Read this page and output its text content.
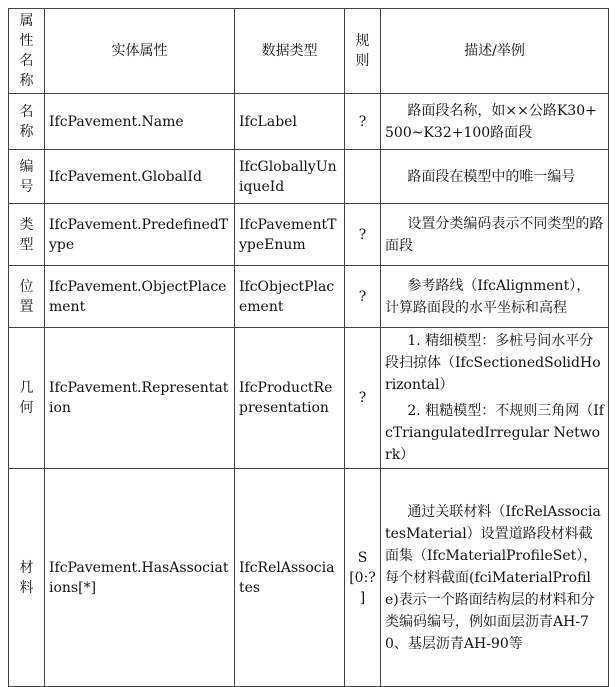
属性名称	实体属性	数据类型	规则	描述/举例
名称	IfcPavement.Name	IfcLabel	?	路面段名称，如××公路K30+500~K32+100路面段

编号	IfcPavement.GlobalId	IfcGloballyUniqueId		路面段在模型中的唯一编号

类型	IfcPavement.PredefinedType	IfcPavementTypeEnum	?	设置分类编码表示不同类型的路面段

位置	IfcPavement.ObjectPlacement	IfcObjectPlacement	?	参考路线（IfcAlignment），计算路面段的水平坐标和高程

几何	IfcPavement.Representation	IfcProductRepresentation	?	1. 精细模型：多桩号间水平分段扫掠体（IfcSectionedSolidHorizontal）
2. 粗糙模型：不规则三角网（IfcTriangulatedIrregular Network）

材料	IfcPavement.HasAssociations[*]	IfcRelAssociates	S[0:?]	通过关联材料（IfcRelAssociatesMaterial）设置道路段材料截面集（IfcMaterialProfileSet），每个材料截面(fciMaterialProfile)表示一个路面结构层的材料和分类编码编号，例如面层沥青AH-70、基层沥青AH-90等
